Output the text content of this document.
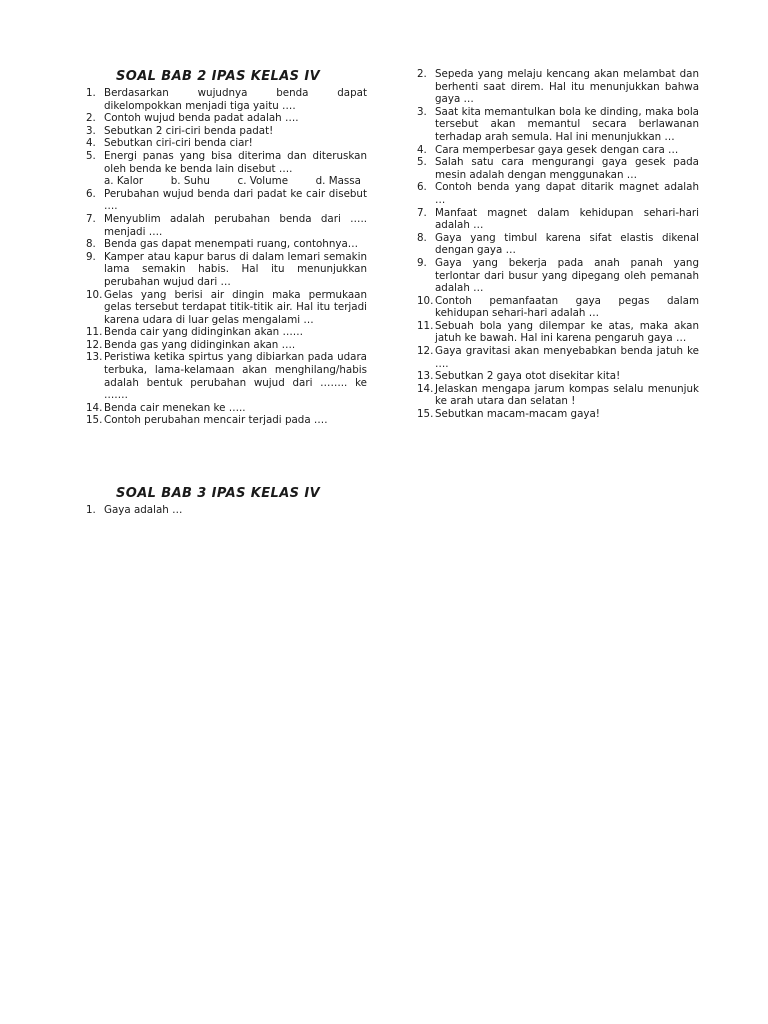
SOAL BAB 2 IPAS KELAS IV
1. Berdasarkan wujudnya benda dapat dikelompokkan menjadi tiga yaitu ….
2. Contoh wujud benda padat adalah ….
3. Sebutkan 2 ciri-ciri benda padat!
4. Sebutkan ciri-ciri benda ciar!
5. Energi panas yang bisa diterima dan diteruskan oleh benda ke benda lain disebut ….
a. Kalor	b. Suhu	c. Volume	d. Massa
6. Perubahan wujud benda dari padat ke cair disebut ….
7. Menyublim adalah perubahan benda dari ….. menjadi ….
8. Benda gas dapat menempati ruang, contohnya…
9. Kamper atau kapur barus di dalam lemari semakin lama semakin habis. Hal itu menunjukkan perubahan wujud dari …
10. Gelas yang berisi air dingin maka permukaan gelas tersebut terdapat titik-titik air. Hal itu terjadi karena udara di luar gelas mengalami …
11. Benda cair yang didinginkan akan ……
12. Benda gas yang didinginkan akan ….
13. Peristiwa ketika spirtus yang dibiarkan pada udara terbuka, lama-kelamaan akan menghilang/habis adalah bentuk perubahan wujud dari …….. ke …….
14. Benda cair menekan ke …..
15. Contoh perubahan mencair terjadi pada ….
2. Sepeda yang melaju kencang akan melambat dan berhenti saat direm. Hal itu menunjukkan bahwa gaya …
3. Saat kita memantulkan bola ke dinding, maka bola tersebut akan memantul secara berlawanan terhadap arah semula. Hal ini menunjukkan …
4. Cara memperbesar gaya gesek dengan cara …
5. Salah satu cara mengurangi gaya gesek pada mesin adalah dengan menggunakan …
6. Contoh benda yang dapat ditarik magnet adalah …
7. Manfaat magnet dalam kehidupan sehari-hari adalah …
8. Gaya yang timbul karena sifat elastis dikenal dengan gaya …
9. Gaya yang bekerja pada anah panah yang terlontar dari busur yang dipegang oleh pemanah adalah …
10. Contoh pemanfaatan gaya pegas dalam kehidupan sehari-hari adalah …
11. Sebuah bola yang dilempar ke atas, maka akan jatuh ke bawah. Hal ini karena pengaruh gaya …
12. Gaya gravitasi akan menyebabkan benda jatuh ke ….
13. Sebutkan 2 gaya otot disekitar kita!
14. Jelaskan mengapa jarum kompas selalu menunjuk ke arah utara dan selatan !
15. Sebutkan macam-macam gaya!
SOAL BAB 3 IPAS KELAS IV
1. Gaya adalah …
